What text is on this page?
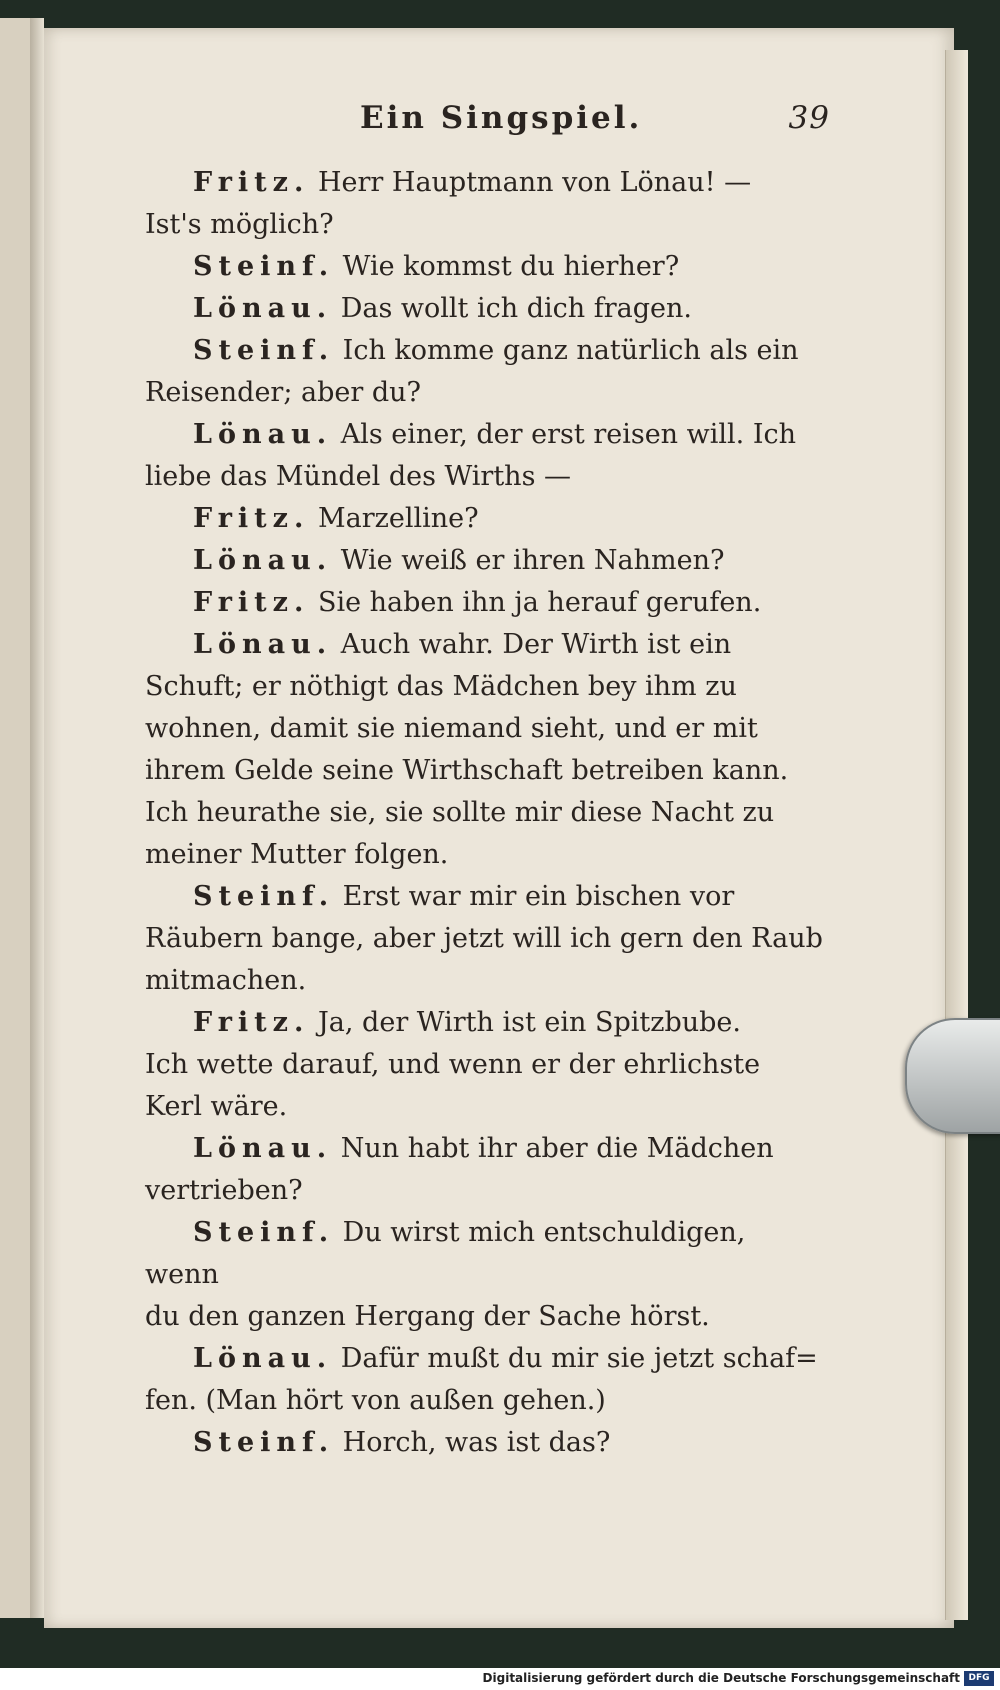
Ein Singspiel.	39

Fritz. Herr Hauptmann von Lönau! —

Ist's möglich?

Steinf. Wie kommst du hierher?

Lönau. Das wollt ich dich fragen.

Steinf. Ich komme ganz natürlich als ein

Reisender; aber du?

Lönau. Als einer, der erst reisen will. Ich

liebe das Mündel des Wirths —

Fritz. Marzelline?

Lönau. Wie weiß er ihren Nahmen?

Fritz. Sie haben ihn ja herauf gerufen.

Lönau. Auch wahr. Der Wirth ist ein

Schuft; er nöthigt das Mädchen bey ihm zu

wohnen, damit sie niemand sieht, und er mit

ihrem Gelde seine Wirthschaft betreiben kann.

Ich heurathe sie, sie sollte mir diese Nacht zu

meiner Mutter folgen.

Steinf. Erst war mir ein bischen vor

Räubern bange, aber jetzt will ich gern den Raub

mitmachen.

Fritz. Ja, der Wirth ist ein Spitzbube.

Ich wette darauf, und wenn er der ehrlichste

Kerl wäre.

Lönau. Nun habt ihr aber die Mädchen

vertrieben?

Steinf. Du wirst mich entschuldigen, wenn

du den ganzen Hergang der Sache hörst.

Lönau. Dafür mußt du mir sie jetzt schaf=

fen. (Man hört von außen gehen.)

Steinf. Horch, was ist das?

Digitalisierung gefördert durch die Deutsche Forschungsgemeinschaft DFG
